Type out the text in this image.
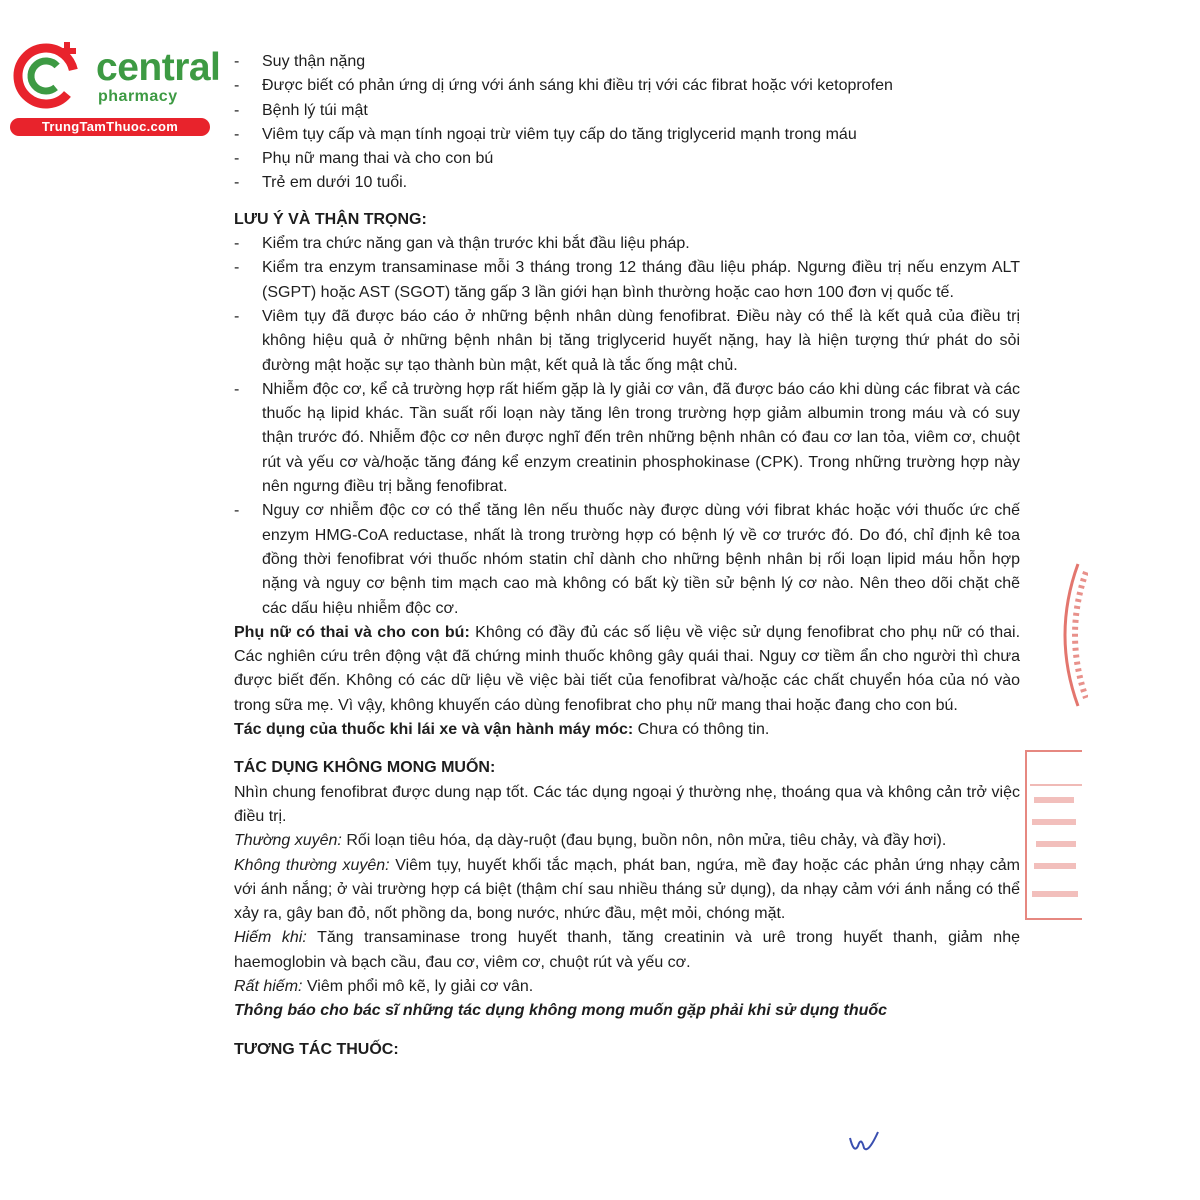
central
pharmacy
TrungTamThuoc.com
- Suy thận nặng
- Được biết có phản ứng dị ứng với ánh sáng khi điều trị với các fibrat hoặc với ketoprofen
- Bệnh lý túi mật
- Viêm tụy cấp và mạn tính ngoại trừ viêm tụy cấp do tăng triglycerid mạnh trong máu
- Phụ nữ mang thai và cho con bú
- Trẻ em dưới 10 tuổi.
LƯU Ý VÀ THẬN TRỌNG:
- Kiểm tra chức năng gan và thận trước khi bắt đầu liệu pháp.
- Kiểm tra enzym transaminase mỗi 3 tháng trong 12 tháng đầu liệu pháp. Ngưng điều trị nếu enzym ALT (SGPT) hoặc AST (SGOT) tăng gấp 3 lần giới hạn bình thường hoặc cao hơn 100 đơn vị quốc tế.
- Viêm tụy đã được báo cáo ở những bệnh nhân dùng fenofibrat. Điều này có thể là kết quả của điều trị không hiệu quả ở những bệnh nhân bị tăng triglycerid huyết nặng, hay là hiện tượng thứ phát do sỏi đường mật hoặc sự tạo thành bùn mật, kết quả là tắc ống mật chủ.
- Nhiễm độc cơ, kể cả trường hợp rất hiếm gặp là ly giải cơ vân, đã được báo cáo khi dùng các fibrat và các thuốc hạ lipid khác. Tần suất rối loạn này tăng lên trong trường hợp giảm albumin trong máu và có suy thận trước đó. Nhiễm độc cơ nên được nghĩ đến trên những bệnh nhân có đau cơ lan tỏa, viêm cơ, chuột rút và yếu cơ và/hoặc tăng đáng kể enzym creatinin phosphokinase (CPK). Trong những trường hợp này nên ngưng điều trị bằng fenofibrat.
- Nguy cơ nhiễm độc cơ có thể tăng lên nếu thuốc này được dùng với fibrat khác hoặc với thuốc ức chế enzym HMG-CoA reductase, nhất là trong trường hợp có bệnh lý về cơ trước đó. Do đó, chỉ định kê toa đồng thời fenofibrat với thuốc nhóm statin chỉ dành cho những bệnh nhân bị rối loạn lipid máu hỗn hợp nặng và nguy cơ bệnh tim mạch cao mà không có bất kỳ tiền sử bệnh lý cơ nào. Nên theo dõi chặt chẽ các dấu hiệu nhiễm độc cơ.
Phụ nữ có thai và cho con bú: Không có đầy đủ các số liệu về việc sử dụng fenofibrat cho phụ nữ có thai. Các nghiên cứu trên động vật đã chứng minh thuốc không gây quái thai. Nguy cơ tiềm ẩn cho người thì chưa được biết đến. Không có các dữ liệu về việc bài tiết của fenofibrat và/hoặc các chất chuyển hóa của nó vào trong sữa mẹ. Vì vậy, không khuyến cáo dùng fenofibrat cho phụ nữ mang thai hoặc đang cho con bú.
Tác dụng của thuốc khi lái xe và vận hành máy móc: Chưa có thông tin.
TÁC DỤNG KHÔNG MONG MUỐN:
Nhìn chung fenofibrat được dung nạp tốt. Các tác dụng ngoại ý thường nhẹ, thoáng qua và không cản trở việc điều trị.
Thường xuyên: Rối loạn tiêu hóa, dạ dày-ruột (đau bụng, buồn nôn, nôn mửa, tiêu chảy, và đầy hơi).
Không thường xuyên: Viêm tụy, huyết khối tắc mạch, phát ban, ngứa, mề đay hoặc các phản ứng nhạy cảm với ánh nắng; ở vài trường hợp cá biệt (thậm chí sau nhiều tháng sử dụng), da nhạy cảm với ánh nắng có thể xảy ra, gây ban đỏ, nốt phồng da, bong nước, nhức đầu, mệt mỏi, chóng mặt.
Hiếm khi: Tăng transaminase trong huyết thanh, tăng creatinin và urê trong huyết thanh, giảm nhẹ haemoglobin và bạch cầu, đau cơ, viêm cơ, chuột rút và yếu cơ.
Rất hiếm: Viêm phổi mô kẽ, ly giải cơ vân.
Thông báo cho bác sĩ những tác dụng không mong muốn gặp phải khi sử dụng thuốc
TƯƠNG TÁC THUỐC:
